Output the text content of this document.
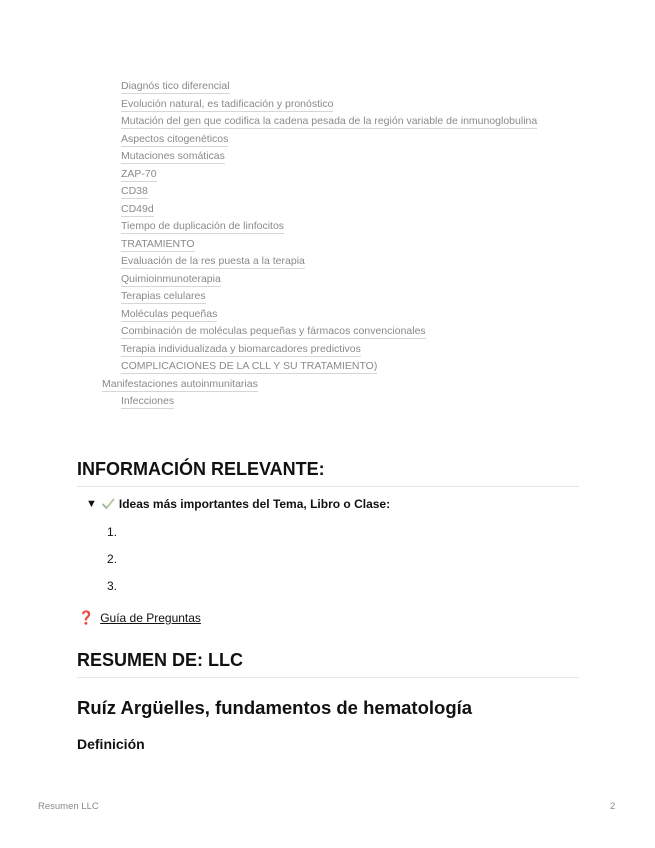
Diagnós tico diferencial
Evolución natural, es tadificación y pronóstico
Mutación del gen que codifica la cadena pesada de la región variable de inmunoglobulina
Aspectos citogenéticos
Mutaciones somáticas
ZAP-70
CD38
CD49d
Tiempo de duplicación de linfocitos
TRATAMIENTO
Evaluación de la res puesta a la terapia
Quimioinmunoterapia
Terapias celulares
Moléculas pequeñas
Combinación de moléculas pequeñas y fármacos convencionales
Terapia individualizada y biomarcadores predictivos
COMPLICACIONES DE LA CLL Y SU TRATAMIENTO)
Manifestaciones autoinmunitarias
Infecciones
INFORMACIÓN RELEVANTE:
▼ Ideas más importantes del Tema, Libro o Clase:
1.
2.
3.
❓ Guía de Preguntas
RESUMEN DE: LLC
Ruíz Argüelles, fundamentos de hematología
Definición
Resumen LLC	2
